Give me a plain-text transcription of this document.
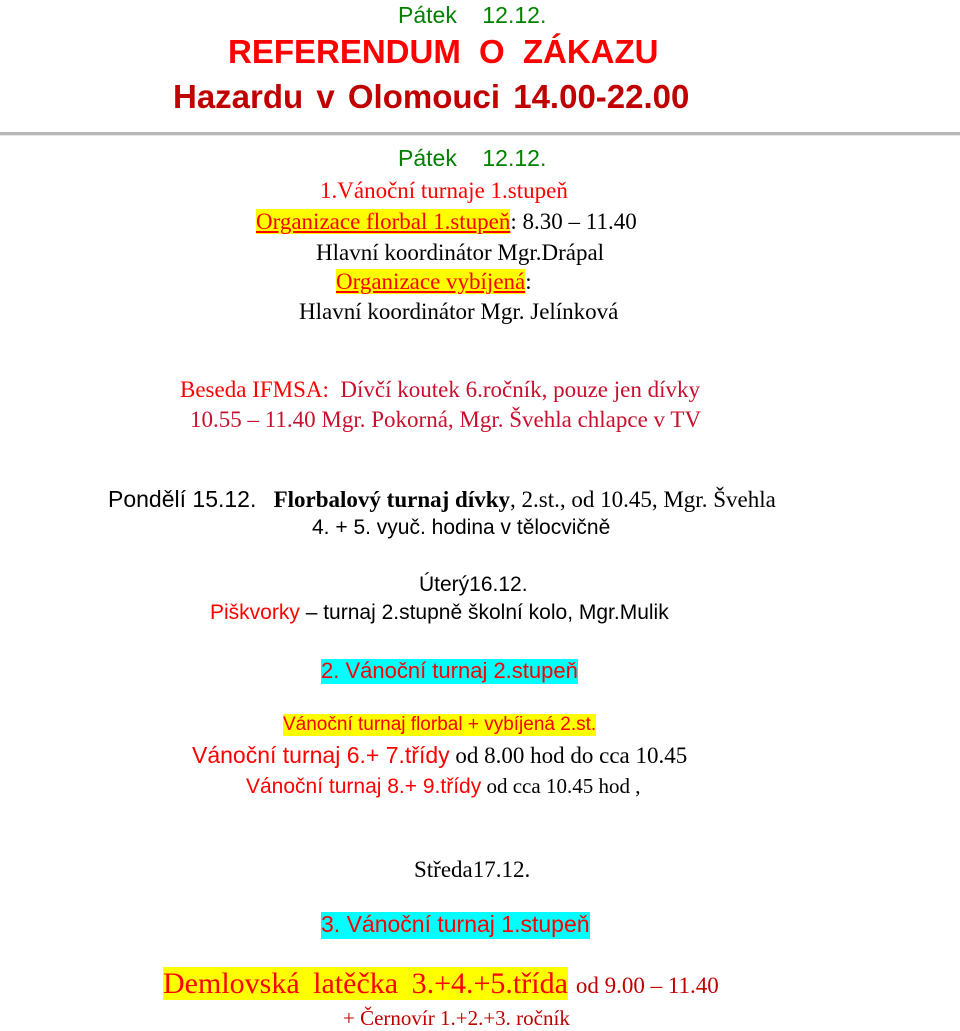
Pátek 12.12.
REFERENDUM O ZÁKAZU
Hazardu v Olomouci 14.00-22.00
Pátek 12.12.
1.Vánoční turnaje 1.stupeň
Organizace florbal 1.stupeň: 8.30 – 11.40
Hlavní koordinátor Mgr.Drápal
Organizace vybíjená:
Hlavní koordinátor Mgr. Jelínková
Beseda IFMSA: Dívčí koutek 6.ročník, pouze jen dívky
10.55 – 11.40 Mgr. Pokorná, Mgr. Švehla chlapce v TV
Pondělí 15.12. Florbalový turnaj dívky, 2.st., od 10.45, Mgr. Švehla
4. + 5. vyuč. hodina v tělocvičně
Úterý16.12.
Piškvorky – turnaj 2.stupně školní kolo, Mgr.Mulik
2. Vánoční turnaj 2.stupeň
Vánoční turnaj florbal + vybíjená 2.st.
Vánoční turnaj 6.+ 7.třídy od 8.00 hod do cca 10.45
Vánoční turnaj 8.+ 9.třídy od cca 10.45 hod ,
Středa17.12.
3. Vánoční turnaj 1.stupeň
Demlovská latěčka 3.+4.+5.třída od 9.00 – 11.40
+ Černovír 1.+2.+3. ročník
